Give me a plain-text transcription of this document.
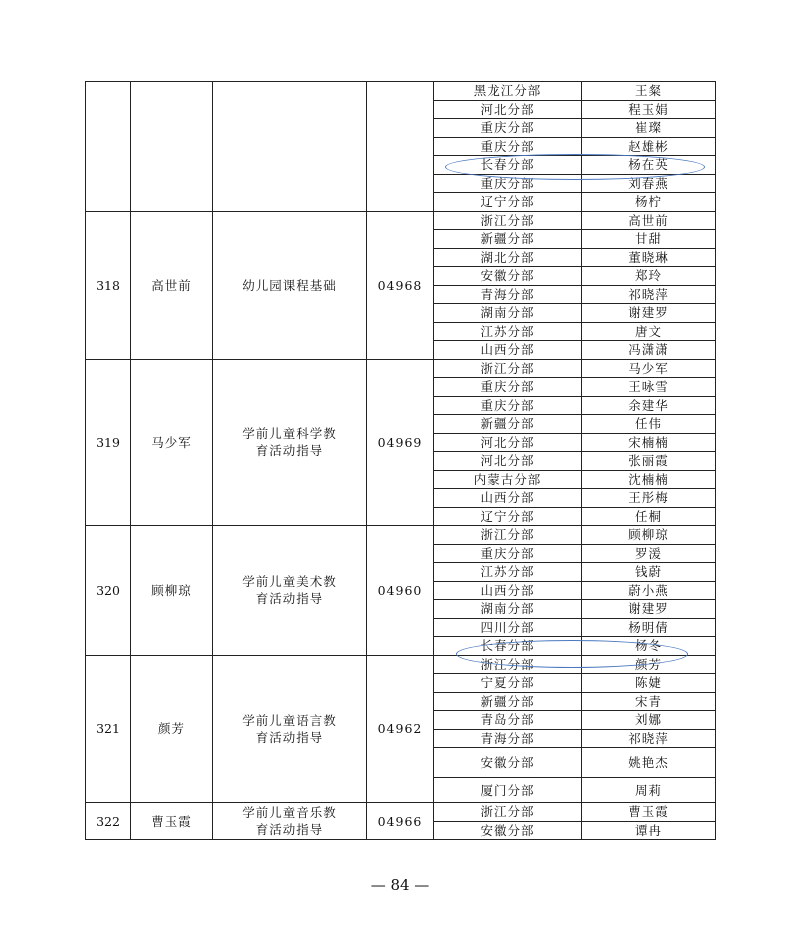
				黑龙江分部	王粲
				河北分部	程玉娟
				重庆分部	崔璨
				重庆分部	赵雄彬
				长春分部	杨在英
				重庆分部	刘春燕
				辽宁分部	杨柠
318	高世前	幼儿园课程基础	04968	浙江分部	高世前
				新疆分部	甘甜
				湖北分部	董晓琳
				安徽分部	郑玲
				青海分部	祁晓萍
				湖南分部	谢建罗
				江苏分部	唐文
				山西分部	冯潇潇
319	马少军	学前儿童科学教育活动指导	04969	浙江分部	马少军
				重庆分部	王咏雪
				重庆分部	余建华
				新疆分部	任伟
				河北分部	宋楠楠
				河北分部	张丽霞
				内蒙古分部	沈楠楠
				山西分部	王彤梅
				辽宁分部	任桐
320	顾柳琼	学前儿童美术教育活动指导	04960	浙江分部	顾柳琼
				重庆分部	罗湲
				江苏分部	钱蔚
				山西分部	蔚小燕
				湖南分部	谢建罗
				四川分部	杨明倩
				长春分部	杨冬
321	颜芳	学前儿童语言教育活动指导	04962	浙江分部	颜芳
				宁夏分部	陈婕
				新疆分部	宋青
				青岛分部	刘娜
				青海分部	祁晓萍
				安徽分部	姚艳杰
				厦门分部	周莉
322	曹玉霞	学前儿童音乐教育活动指导	04966	浙江分部	曹玉霞
				安徽分部	谭冉
— 84 —
